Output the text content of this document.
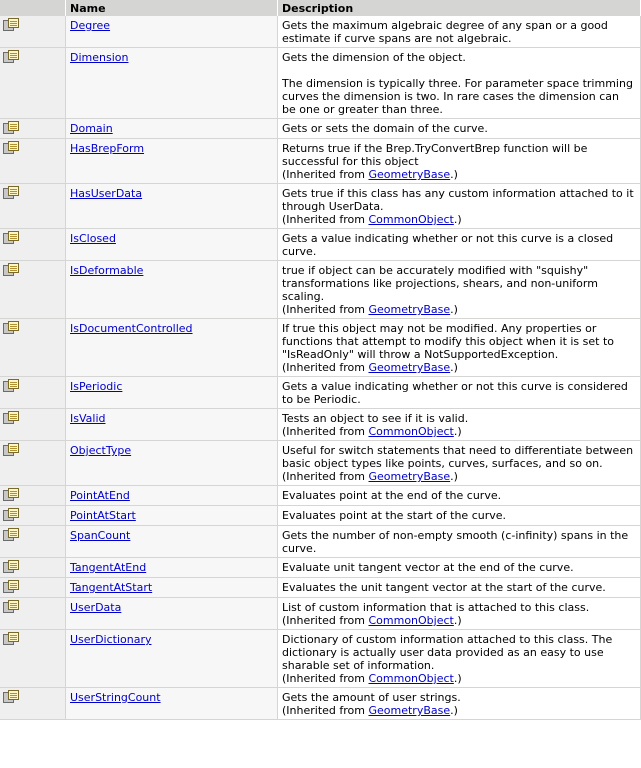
	Name	Description

	Degree	Gets the maximum algebraic degree of any span or a good estimate if curve spans are not algebraic.

	Dimension	Gets the dimension of the object.
The dimension is typically three. For parameter space trimming curves the dimension is two. In rare cases the dimension can be one or greater than three.

	Domain	Gets or sets the domain of the curve.

	HasBrepForm	Returns true if the Brep.TryConvertBrep function will be successful for this object
(Inherited from GeometryBase.)

	HasUserData	Gets true if this class has any custom information attached to it through UserData.
(Inherited from CommonObject.)

	IsClosed	Gets a value indicating whether or not this curve is a closed curve.

	IsDeformable	true if object can be accurately modified with "squishy" transformations like projections, shears, and non-uniform scaling.
(Inherited from GeometryBase.)

	IsDocumentControlled	If true this object may not be modified. Any properties or functions that attempt to modify this object when it is set to "IsReadOnly" will throw a NotSupportedException.
(Inherited from GeometryBase.)

	IsPeriodic	Gets a value indicating whether or not this curve is considered to be Periodic.

	IsValid	Tests an object to see if it is valid.
(Inherited from CommonObject.)

	ObjectType	Useful for switch statements that need to differentiate between basic object types like points, curves, surfaces, and so on.
(Inherited from GeometryBase.)

	PointAtEnd	Evaluates point at the end of the curve.

	PointAtStart	Evaluates point at the start of the curve.

	SpanCount	Gets the number of non-empty smooth (c-infinity) spans in the curve.

	TangentAtEnd	Evaluate unit tangent vector at the end of the curve.

	TangentAtStart	Evaluates the unit tangent vector at the start of the curve.

	UserData	List of custom information that is attached to this class.
(Inherited from CommonObject.)

	UserDictionary	Dictionary of custom information attached to this class. The dictionary is actually user data provided as an easy to use sharable set of information.
(Inherited from CommonObject.)

	UserStringCount	Gets the amount of user strings.
(Inherited from GeometryBase.)
